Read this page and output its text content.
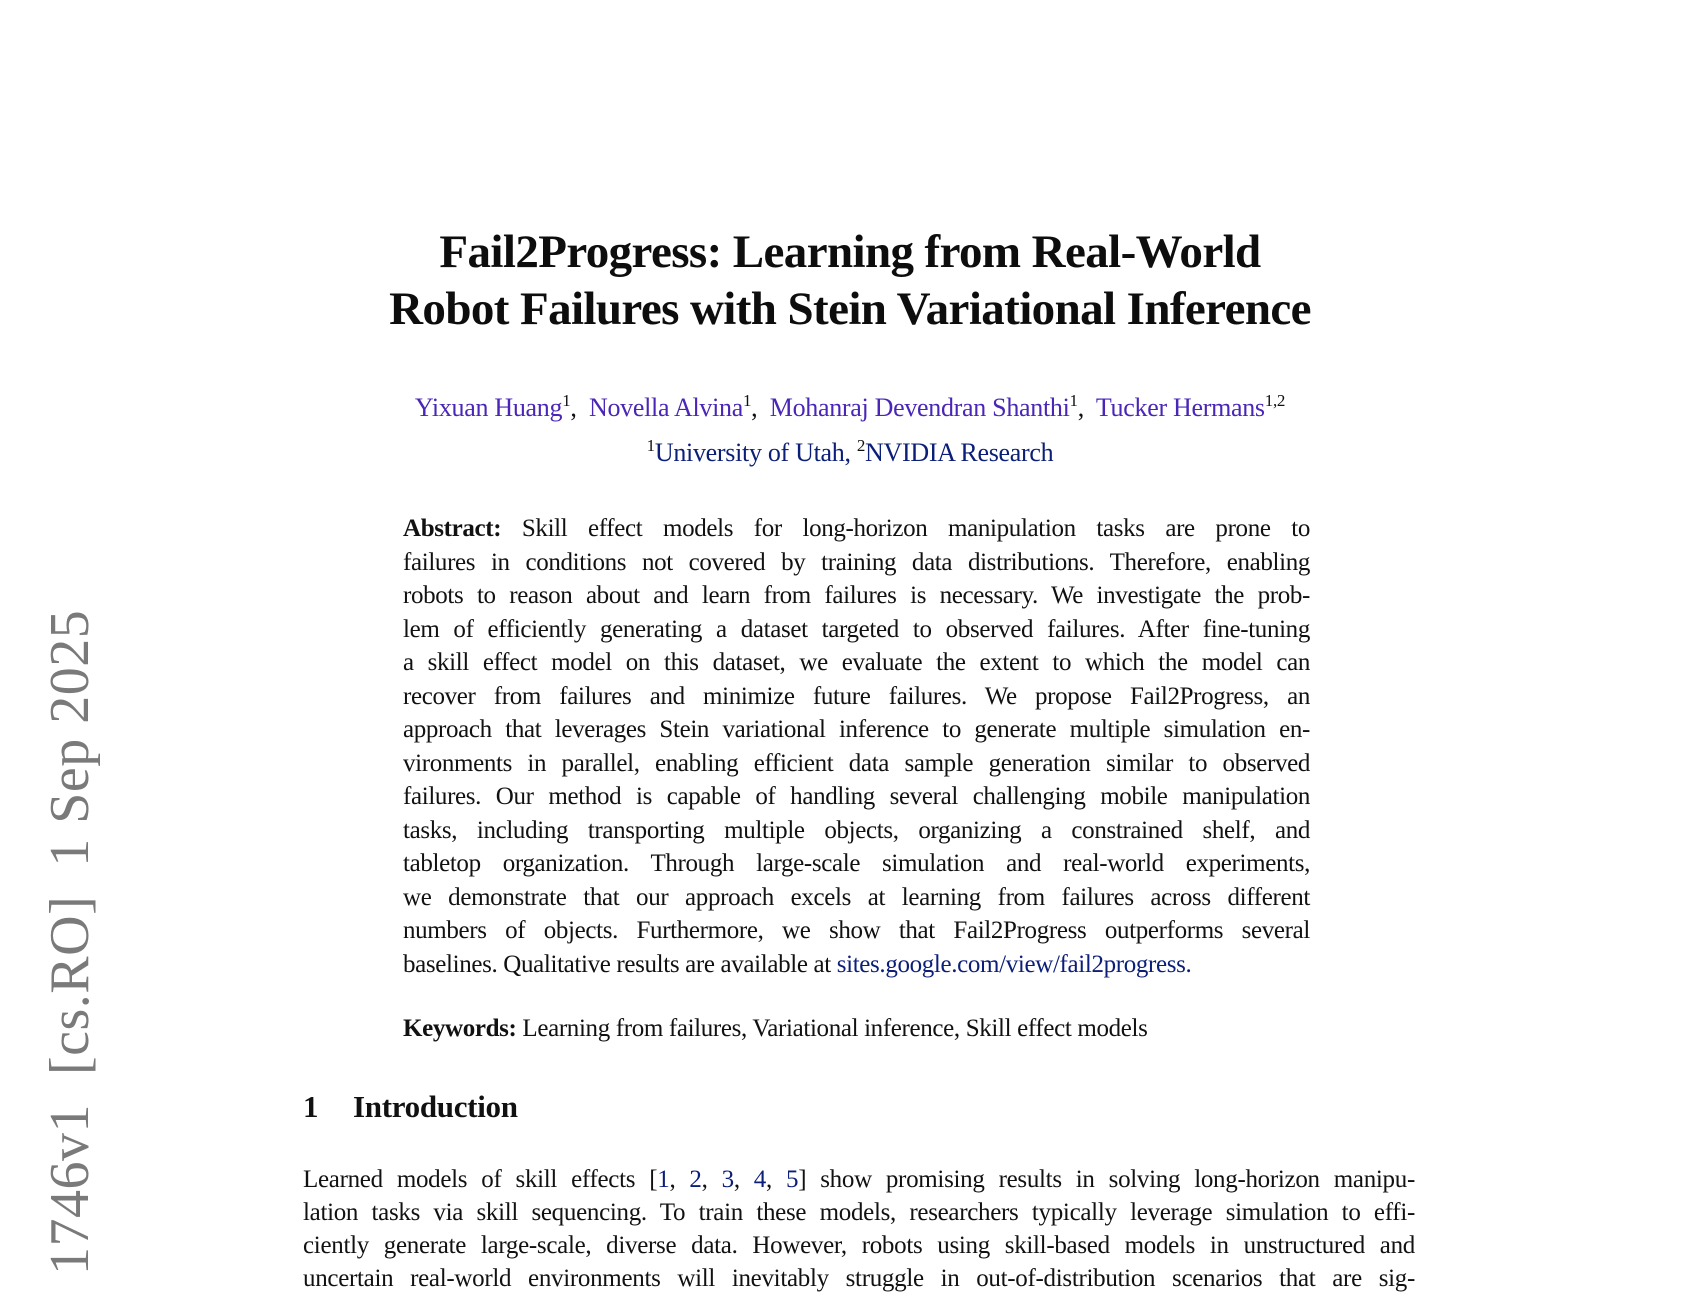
1746v1  [cs.RO]  1 Sep 2025
Fail2Progress: Learning from Real-World
Robot Failures with Stein Variational Inference
Yixuan Huang$^1$,  Novella Alvina$^1$,  Mohanraj Devendran Shanthi$^1$,  Tucker Hermans$^{1,2}$
$^1$University of Utah, $^2$NVIDIA Research
Abstract: Skill effect models for long-horizon manipulation tasks are prone to
failures in conditions not covered by training data distributions. Therefore, enabling
robots to reason about and learn from failures is necessary. We investigate the prob-
lem of efficiently generating a dataset targeted to observed failures. After fine-tuning
a skill effect model on this dataset, we evaluate the extent to which the model can
recover from failures and minimize future failures. We propose Fail2Progress, an
approach that leverages Stein variational inference to generate multiple simulation en-
vironments in parallel, enabling efficient data sample generation similar to observed
failures. Our method is capable of handling several challenging mobile manipulation
tasks, including transporting multiple objects, organizing a constrained shelf, and
tabletop organization. Through large-scale simulation and real-world experiments,
we demonstrate that our approach excels at learning from failures across different
numbers of objects. Furthermore, we show that Fail2Progress outperforms several
baselines. Qualitative results are available at sites.google.com/view/fail2progress.
Keywords: Learning from failures, Variational inference, Skill effect models
1 Introduction
Learned models of skill effects [1, 2, 3, 4, 5] show promising results in solving long-horizon manipu-
lation tasks via skill sequencing. To train these models, researchers typically leverage simulation to effi-
ciently generate large-scale, diverse data. However, robots using skill-based models in unstructured and
uncertain real-world environments will inevitably struggle in out-of-distribution scenarios that are sig-
